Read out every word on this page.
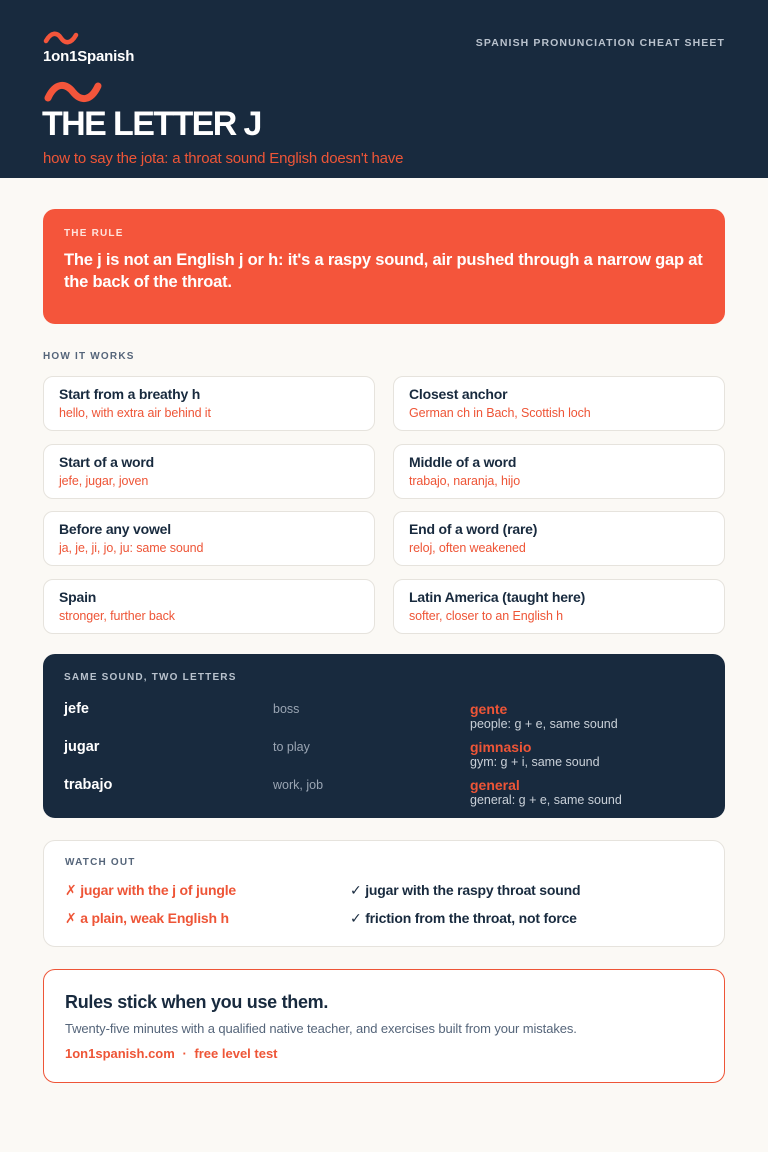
1on1Spanish
SPANISH PRONUNCIATION CHEAT SHEET
THE LETTER J
how to say the jota: a throat sound English doesn't have
THE RULE
The j is not an English j or h: it's a raspy sound, air pushed through a narrow gap at the back of the throat.
HOW IT WORKS
Start from a breathy h
hello, with extra air behind it
Closest anchor
German ch in Bach, Scottish loch
Start of a word
jefe, jugar, joven
Middle of a word
trabajo, naranja, hijo
Before any vowel
ja, je, ji, jo, ju: same sound
End of a word (rare)
reloj, often weakened
Spain
stronger, further back
Latin America (taught here)
softer, closer to an English h
SAME SOUND, TWO LETTERS
jefe	boss	gente
people: g + e, same sound
jugar	to play	gimnasio
gym: g + i, same sound
trabajo	work, job	general
general: g + e, same sound
WATCH OUT
✗ jugar with the j of jungle	✓ jugar with the raspy throat sound
✗ a plain, weak English h	✓ friction from the throat, not force
Rules stick when you use them.
Twenty-five minutes with a qualified native teacher, and exercises built from your mistakes.
1on1spanish.com · free level test
